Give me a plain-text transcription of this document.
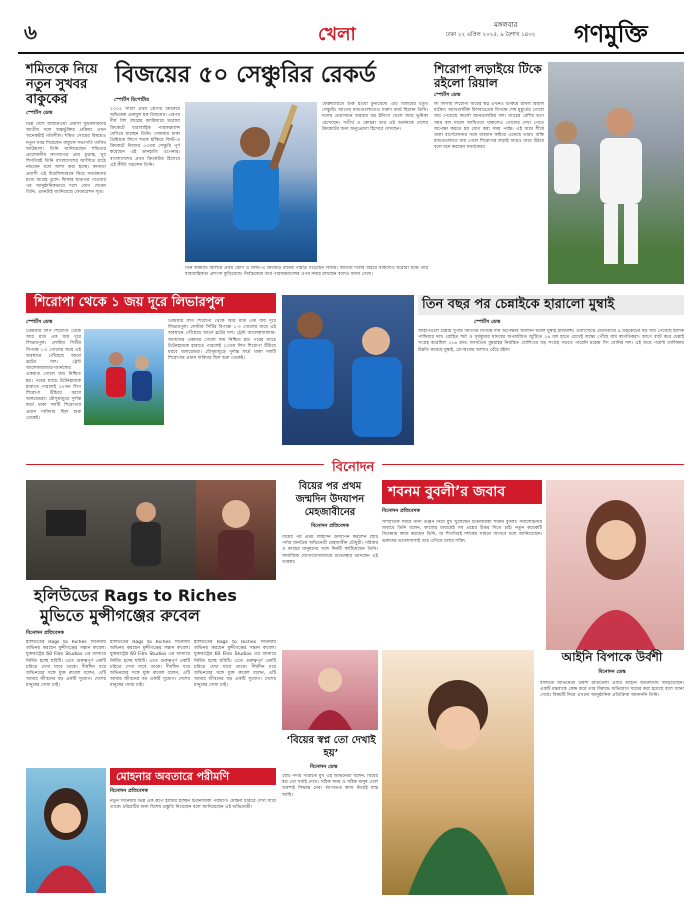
৬	খেলা	মঙ্গলবার
ঢাকা ২২ এপ্রিল ২০২৫, ৯ বৈশাখ ১৪৩২ গণমুক্তি
শমিতকে নিয়ে নতুন সুখবর বাকুকের
স্পোর্টস ডেস্ক
ভিন্ন দেশে জন্মনেওয়া প্রবাসী ফুটবলারদের জাতীয় দলে অন্তর্ভুক্তির প্রক্রিয়া এখন অনেকটাই গতিশীল। শমিত সোমের বিষয়েও নতুন খবর দিয়েছেন বাফুফে সভাপতি তাবিথ আউয়াল। তিনি জানিয়েছেন শমিতের প্রয়োজনীয় কাগজপত্র প্রায় চূড়ান্ত, খুব শিগগিরই তিনি বাংলাদেশের জার্সিতে মাঠে নামবেন বলে আশা করা হচ্ছে। কানাডা প্রবাসী এই মিডফিল্ডারকে ঘিরে সমর্থকদের মধ্যে আগ্রহ তুঙ্গে। ফিফার ছাড়পত্র পাওয়ার পর আনুষ্ঠানিকভাবে দলে যোগ দেবেন তিনি, এমনটাই জানিয়েছে ফেডারেশন সূত্র।
বিজয়ের ৫০ সেঞ্চুরির রেকর্ড
স্পোর্টস রিপোর্টার
২০০৫ সালে প্রথম শ্রেণির ক্রিকেটে অভিষেক এনামুল হক বিজয়ের। এরপর দীর্ঘ বিশ বছরের ক্যারিয়ারে ঘরোয়া ক্রিকেটে ধারাবাহিক পারফরম্যান্স দেখিয়ে যাচ্ছেন তিনি। সোমবার ঢাকা প্রিমিয়ার লিগে শতক হাঁকিয়ে লিস্ট-এ ক্রিকেটে নিজের ৫০তম সেঞ্চুরি পূর্ণ করেছেন এই ডানহাতি ওপেনার। বাংলাদেশের প্রথম ক্রিকেটার হিসেবে এই কীর্তি গড়লেন তিনি।
ফেব্রুয়ারিতে শুরু হওয়া টুর্নামেন্টে এটি বিজয়ের চতুর্থ সেঞ্চুরি। আগের ম্যাচগুলোতেও দারুণ ফর্মে ছিলেন তিনি। দলের প্রয়োজনে বারবার বড় ইনিংস খেলে জয়ে ভূমিকা রেখেছেন। সতীর্থ ও কোচরা তার এই অর্জনকে দেশের ক্রিকেটের জন্য অনুপ্রেরণা হিসেবে দেখছেন।
তিন ফরম্যাট মিলিয়ে প্রথম শ্রেণি ও লিস্ট-এ ক্রিকেটে রানের পাহাড় গড়েছেন বিজয়। জাতীয় দলের বাইরে থাকলেও ঘরোয়া মঞ্চে তার ধারাবাহিকতা প্রশংসা কুড়িয়েছে। নির্বাচকেরা তার পারফরম্যান্সের ওপর নজর রাখছেন বলেও জানা গেছে।
শিরোপা লড়াইয়ে টিকে রইলো রিয়াল
স্পোর্টস ডেস্ক
লা লিগায় শিরোপা জয়ের স্বপ্ন এখনও টিকিয়ে রাখল রিয়াল মাদ্রিদ। অ্যাথলেটিক বিলবাওয়ের বিপক্ষে শেষ মুহূর্তের গোলে জয় পেয়েছে কার্লো আনচেলত্তির দল। ম্যাচের বেশির ভাগ সময় বল দখলে আধিপত্য থাকলেও গোলের দেখা পেতে অপেক্ষা করতে হয় যোগ করা সময় পর্যন্ত। এই জয়ে শীর্ষে থাকা বার্সেলোনার সঙ্গে ব্যবধান কমিয়ে এনেছে তারা। বাকি ম্যাচগুলোতে জয় পেলে শিরোপার লড়াই আরও জমে উঠবে বলে মনে করছেন সমর্থকেরা।
শিরোপা থেকে ১ জয় দূরে লিভারপুল
স্পোর্টস ডেস্ক
প্রিমিয়ার লিগ শিরোপা থেকে আর মাত্র এক জয় দূরে লিভারপুল। লেস্টার সিটির বিপক্ষে ১-০ গোলের জয়ে এই অবস্থানে পৌঁছেছে আর্নে স্লটের দল। ট্রেন্ট আলেকজান্ডার-আর্নল্ডের একমাত্র গোলে জয় নিশ্চিত হয়। পরের ম্যাচে টটেনহামকে হারাতে পারলেই ২০তম লিগ শিরোপা উঁচিয়ে ধরবে অলরেডরা। মৌসুমজুড়ে দুর্দান্ত ফর্মে থাকা দলটি শিরোপার প্রধান দাবিদার ছিল শুরু থেকেই।
প্রিমিয়ার লিগ শিরোপা থেকে আর মাত্র এক জয় দূরে লিভারপুল। লেস্টার সিটির বিপক্ষে ১-০ গোলের জয়ে এই অবস্থানে পৌঁছেছে আর্নে স্লটের দল। ট্রেন্ট আলেকজান্ডার-আর্নল্ডের একমাত্র গোলে জয় নিশ্চিত হয়। পরের ম্যাচে টটেনহামকে হারাতে পারলেই ২০তম লিগ শিরোপা উঁচিয়ে ধরবে অলরেডরা। মৌসুমজুড়ে দুর্দান্ত ফর্মে থাকা দলটি শিরোপার প্রধান দাবিদার ছিল শুরু থেকেই।
তিন বছর পর চেন্নাইকে হারালো মুম্বাই
স্পোর্টস ডেস্ক
আইপিএলে চেন্নাই সুপার কিংসের বিপক্ষে দীর্ঘ অপেক্ষার অবসান ঘটাল মুম্বাই ইন্ডিয়ান্স। ওয়াংখেড়ে স্টেডিয়ামে ৯ উইকেটের বড় জয় পেয়েছে হার্দিক পান্ডিয়ার দল। রোহিত শর্মা ও সূর্যকুমার যাদবের অপরাজিত জুটিতে ২৬ বল হাতে রেখেই লক্ষ্যে পৌঁছে যায় স্বাগতিকরা। আগে ব্যাট করে চেন্নাই সংগ্রহ করেছিল ১৭৬ রান। জাসপ্রিত বুমরাহর নিয়ন্ত্রিত বোলিংয়ে বড় সংগ্রহ গড়তে পারেনি মহেন্দ্র সিং ধোনির দল। এই জয়ে পয়েন্ট তালিকায় উন্নতি করেছে মুম্বাই, প্লে-অফের আশাও বেঁচে রইল।
বিনোদন
হলিউডের Rags to Riches
মুভিতে মুন্সীগঞ্জের রুবেল
বিনোদন প্রতিবেদক
হলিউডের Rags to Riches সিনেমায় অভিনয় করছেন মুন্সীগঞ্জের সন্তান রুবেল। যুক্তরাষ্ট্রের 60 Film Studios এর ব্যানারে নির্মিত হচ্ছে ছবিটি। এতে গুরুত্বপূর্ণ একটি চরিত্রে দেখা যাবে তাকে। দীর্ঘদিন ধরে অভিনয়ের সঙ্গে যুক্ত রুবেল বলেন, এটি আমার জীবনের বড় একটি সুযোগ। দেশের মানুষের দোয়া চাই।
হলিউডের Rags to Riches সিনেমায় অভিনয় করছেন মুন্সীগঞ্জের সন্তান রুবেল। যুক্তরাষ্ট্রের 60 Film Studios এর ব্যানারে নির্মিত হচ্ছে ছবিটি। এতে গুরুত্বপূর্ণ একটি চরিত্রে দেখা যাবে তাকে। দীর্ঘদিন ধরে অভিনয়ের সঙ্গে যুক্ত রুবেল বলেন, এটি আমার জীবনের বড় একটি সুযোগ। দেশের মানুষের দোয়া চাই।
হলিউডের Rags to Riches সিনেমায় অভিনয় করছেন মুন্সীগঞ্জের সন্তান রুবেল। যুক্তরাষ্ট্রের 60 Film Studios এর ব্যানারে নির্মিত হচ্ছে ছবিটি। এতে গুরুত্বপূর্ণ একটি চরিত্রে দেখা যাবে তাকে। দীর্ঘদিন ধরে অভিনয়ের সঙ্গে যুক্ত রুবেল বলেন, এটি আমার জীবনের বড় একটি সুযোগ। দেশের মানুষের দোয়া চাই।
বিয়ের পর প্রথম জন্মদিন উদযাপন মেহজাবীনের
বিনোদন প্রতিবেদক
বিয়ের পর প্রথম জন্মদিন উদযাপন করলেন ছোট পর্দার জনপ্রিয় অভিনেত্রী মেহজাবীন চৌধুরী। পরিবার ও কাছের মানুষদের সঙ্গে দিনটি কাটিয়েছেন তিনি। সামাজিক যোগাযোগমাধ্যমে শুভেচ্ছায় ভাসছেন এই তারকা।
‘বিয়ের স্বপ্ন তো দেখাই হয়’
বিনোদন ডেস্ক
ছোট পর্দার পরিচিত মুখ এই অভিনেত্রী বলেন, বিয়ের স্বপ্ন তো সবাই দেখে। সঠিক সময় ও সঠিক মানুষ এলে অবশ্যই সিদ্ধান্ত নেব। আপাতত কাজ নিয়েই ব্যস্ত আছি।
শবনম বুবলী’র জবাব
বিনোদন প্রতিবেদক
সাম্প্রতিক সময়ে নানা গুঞ্জন নিয়ে মুখ খুলেছেন চিত্রনায়িকা শবনম বুবলী। সমালোচনার জবাবে তিনি বলেন, কাজের মাধ্যমেই সব প্রশ্নের উত্তর দিতে চাই। নতুন কয়েকটি সিনেমায় কাজ করছেন তিনি, যা শিগগিরই দর্শকের সামনে আসবে বলে জানিয়েছেন। ভক্তদের ভালোবাসাই তার এগিয়ে চলার শক্তি।
আইনি বিপাকে উর্বশী
বিনোদন ডেস্ক
বলিউড অভিনেত্রী উর্বশী রাউতেলা এবার আইনি জটিলতায় জড়িয়েছেন। একটি মন্তব্যকে কেন্দ্র করে তার বিরুদ্ধে অভিযোগ দায়ের করা হয়েছে বলে জানা গেছে। বিষয়টি নিয়ে এখনো আনুষ্ঠানিক প্রতিক্রিয়া জানাননি তিনি।
মোহনার অবতারে পরীমণি
বিনোদন প্রতিবেদক
নতুন সিনেমায় ভিন্ন এক রূপে হাজির হচ্ছেন চিত্রনায়িকা পরীমণি। মোহনা চরিত্রে দেখা যাবে তাকে। চরিত্রটির জন্য বিশেষ প্রস্তুতি নিয়েছেন বলে জানিয়েছেন এই অভিনেত্রী।
